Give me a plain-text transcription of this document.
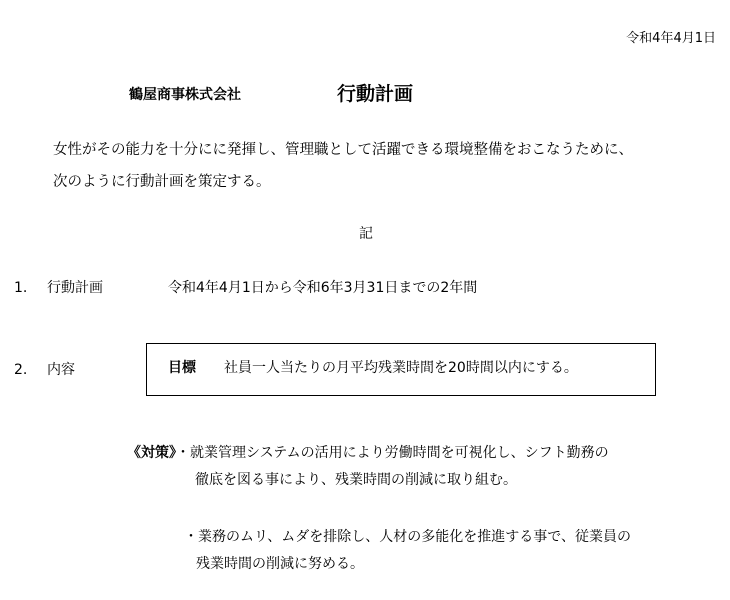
令和4年4月1日
鶴屋商事株式会社	行動計画
女性がその能力を十分にに発揮し、管理職として活躍できる環境整備をおこなうために、
次のように行動計画を策定する。
記
1. 行動計画	令和4年4月1日から令和6年3月31日までの2年間
2. 内容	目標 社員一人当たりの月平均残業時間を20時間以内にする。
《対策》・就業管理システムの活用により労働時間を可視化し、シフト勤務の
徹底を図る事により、残業時間の削減に取り組む。
・業務のムリ、ムダを排除し、人材の多能化を推進する事で、従業員の
残業時間の削減に努める。
